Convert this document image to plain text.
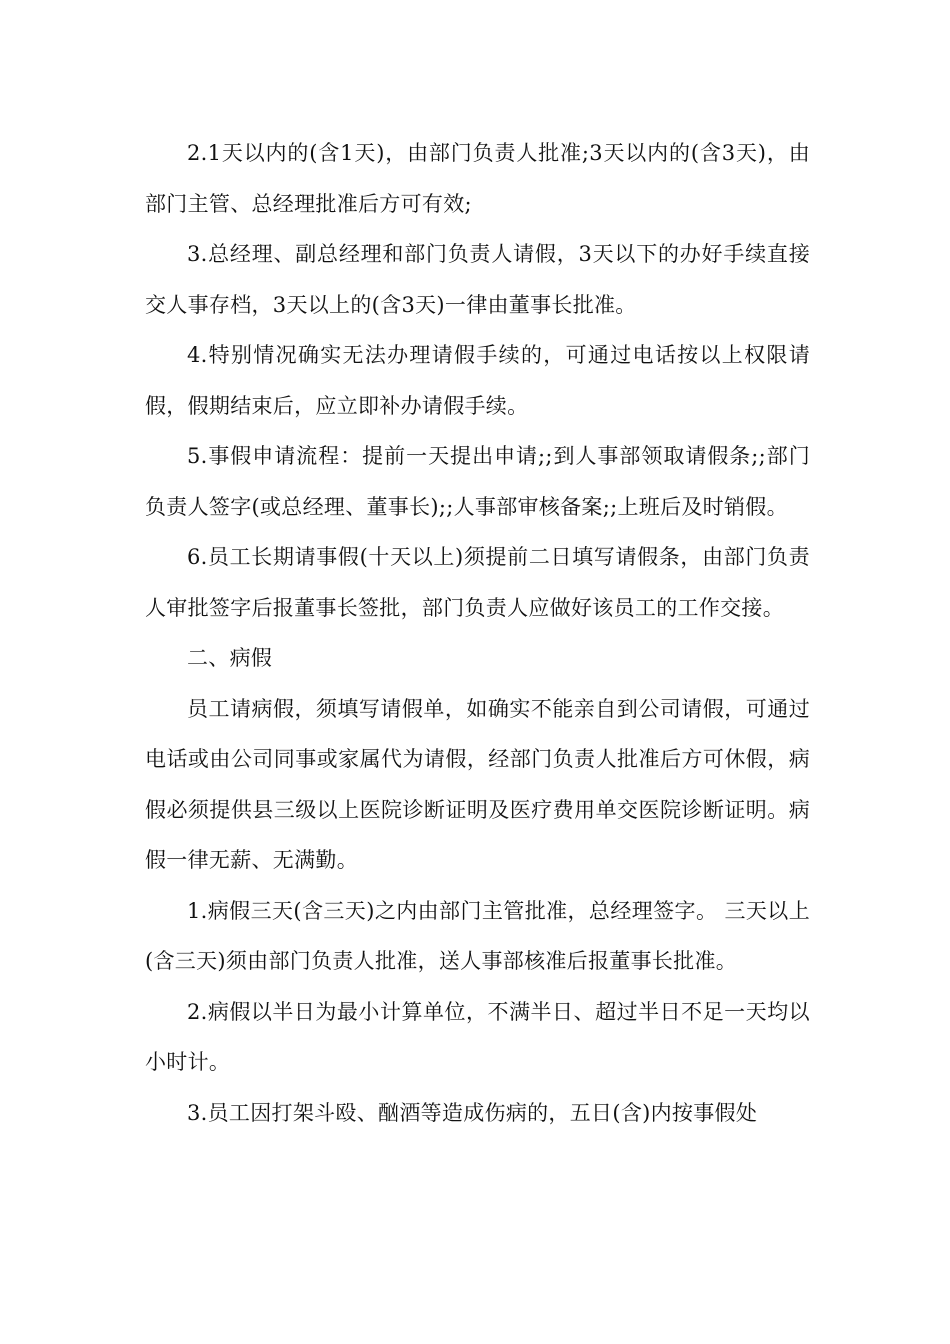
2.1天以内的(含1天)，由部门负责人批准;3天以内的(含3天)，由部门主管、总经理批准后方可有效;

3.总经理、副总经理和部门负责人请假，3天以下的办好手续直接交人事存档，3天以上的(含3天)一律由董事长批准。

4.特别情况确实无法办理请假手续的，可通过电话按以上权限请假，假期结束后，应立即补办请假手续。

5.事假申请流程：提前一天提出申请;;到人事部领取请假条;;部门负责人签字(或总经理、董事长);;人事部审核备案;;上班后及时销假。

6.员工长期请事假(十天以上)须提前二日填写请假条，由部门负责人审批签字后报董事长签批，部门负责人应做好该员工的工作交接。

二、病假

员工请病假，须填写请假单，如确实不能亲自到公司请假，可通过电话或由公司同事或家属代为请假，经部门负责人批准后方可休假，病假必须提供县三级以上医院诊断证明及医疗费用单交医院诊断证明。病假一律无薪、无满勤。

1.病假三天(含三天)之内由部门主管批准，总经理签字。 三天以上(含三天)须由部门负责人批准，送人事部核准后报董事长批准。

2.病假以半日为最小计算单位，不满半日、超过半日不足一天均以小时计。

3.员工因打架斗殴、酗酒等造成伤病的，五日(含)内按事假处
